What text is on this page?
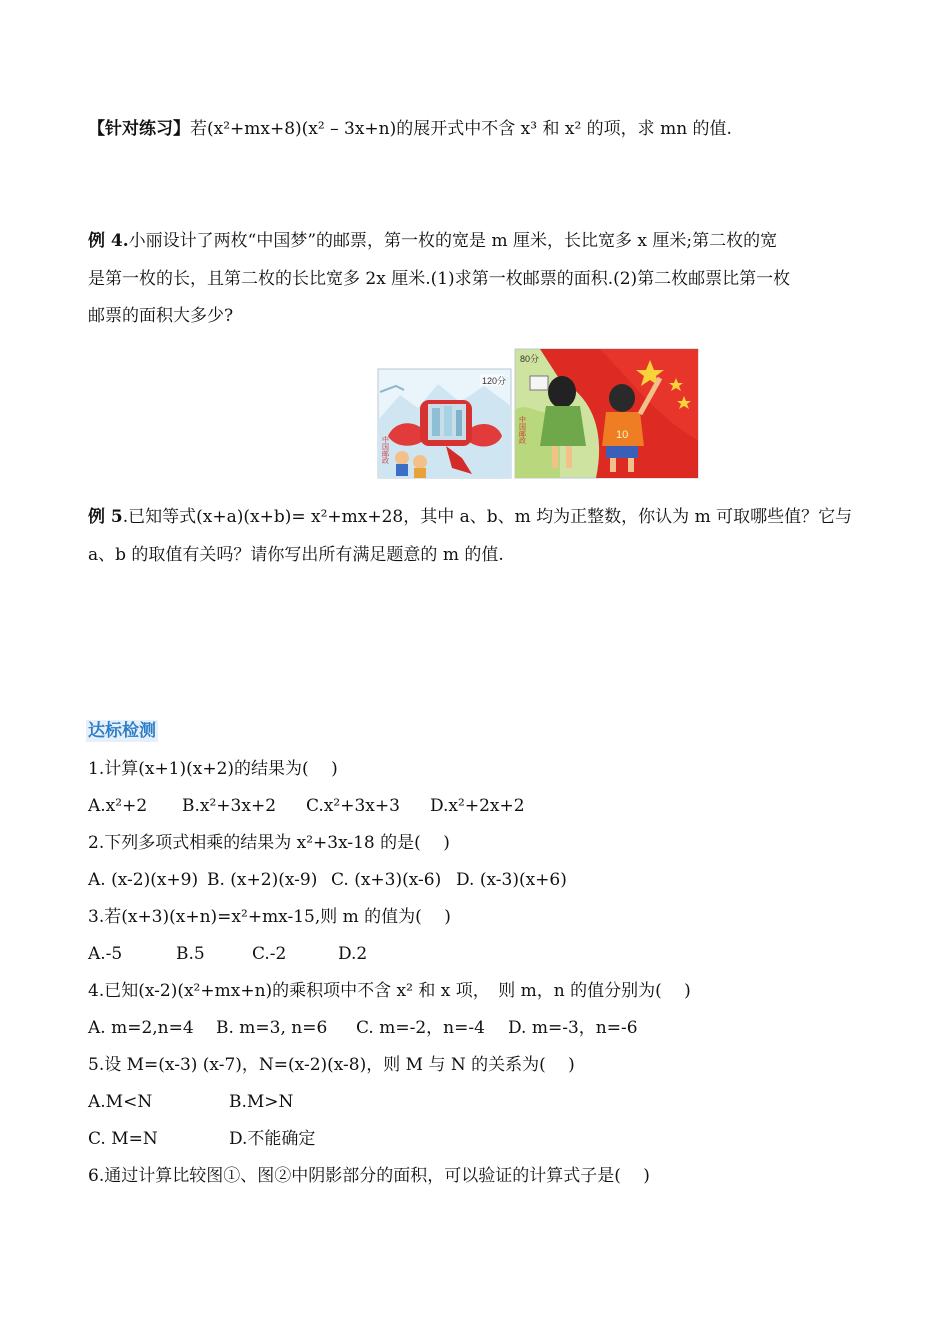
【针对练习】若(x²+mx+8)(x² – 3x+n)的展开式中不含 x³ 和 x² 的项，求 mn 的值.
例 4.小丽设计了两枚“中国梦”的邮票，第一枚的宽是 m 厘米，长比宽多 x 厘米;第二枚的宽
是第一枚的长，且第二枚的长比宽多 2x 厘米.(1)求第一枚邮票的面积.(2)第二枚邮票比第一枚
邮票的面积大多少?
120分
中国邮政
10
80分
中国邮政
例 5.已知等式(x+a)(x+b)= x²+mx+28，其中 a、b、m 均为正整数，你认为 m 可取哪些值？它与
a、b 的取值有关吗？请你写出所有满足题意的 m 的值.
达标检测
1.计算(x+1)(x+2)的结果为(　 )
A.x²+2 B.x²+3x+2 C.x²+3x+3 D.x²+2x+2
2.下列多项式相乘的结果为 x²+3x-18 的是(　 )
A. (x-2)(x+9) B. (x+2)(x-9) C. (x+3)(x-6) D. (x-3)(x+6)
3.若(x+3)(x+n)=x²+mx-15,则 m 的值为(　 )
A.-5	B.5	C.-2	D.2
4.已知(x-2)(x²+mx+n)的乘积项中不含 x² 和 x 项，　则 m，n 的值分别为(　 )
A. m=2,n=4 B. m=3, n=6 C. m=-2，n=-4 D. m=-3，n=-6
5.设 M=(x-3) (x-7)，N=(x-2)(x-8)，则 M 与 N 的关系为(　 )
A.M<N	B.M>N
C. M=N	D.不能确定
6.通过计算比较图①、图②中阴影部分的面积，可以验证的计算式子是(　 )
